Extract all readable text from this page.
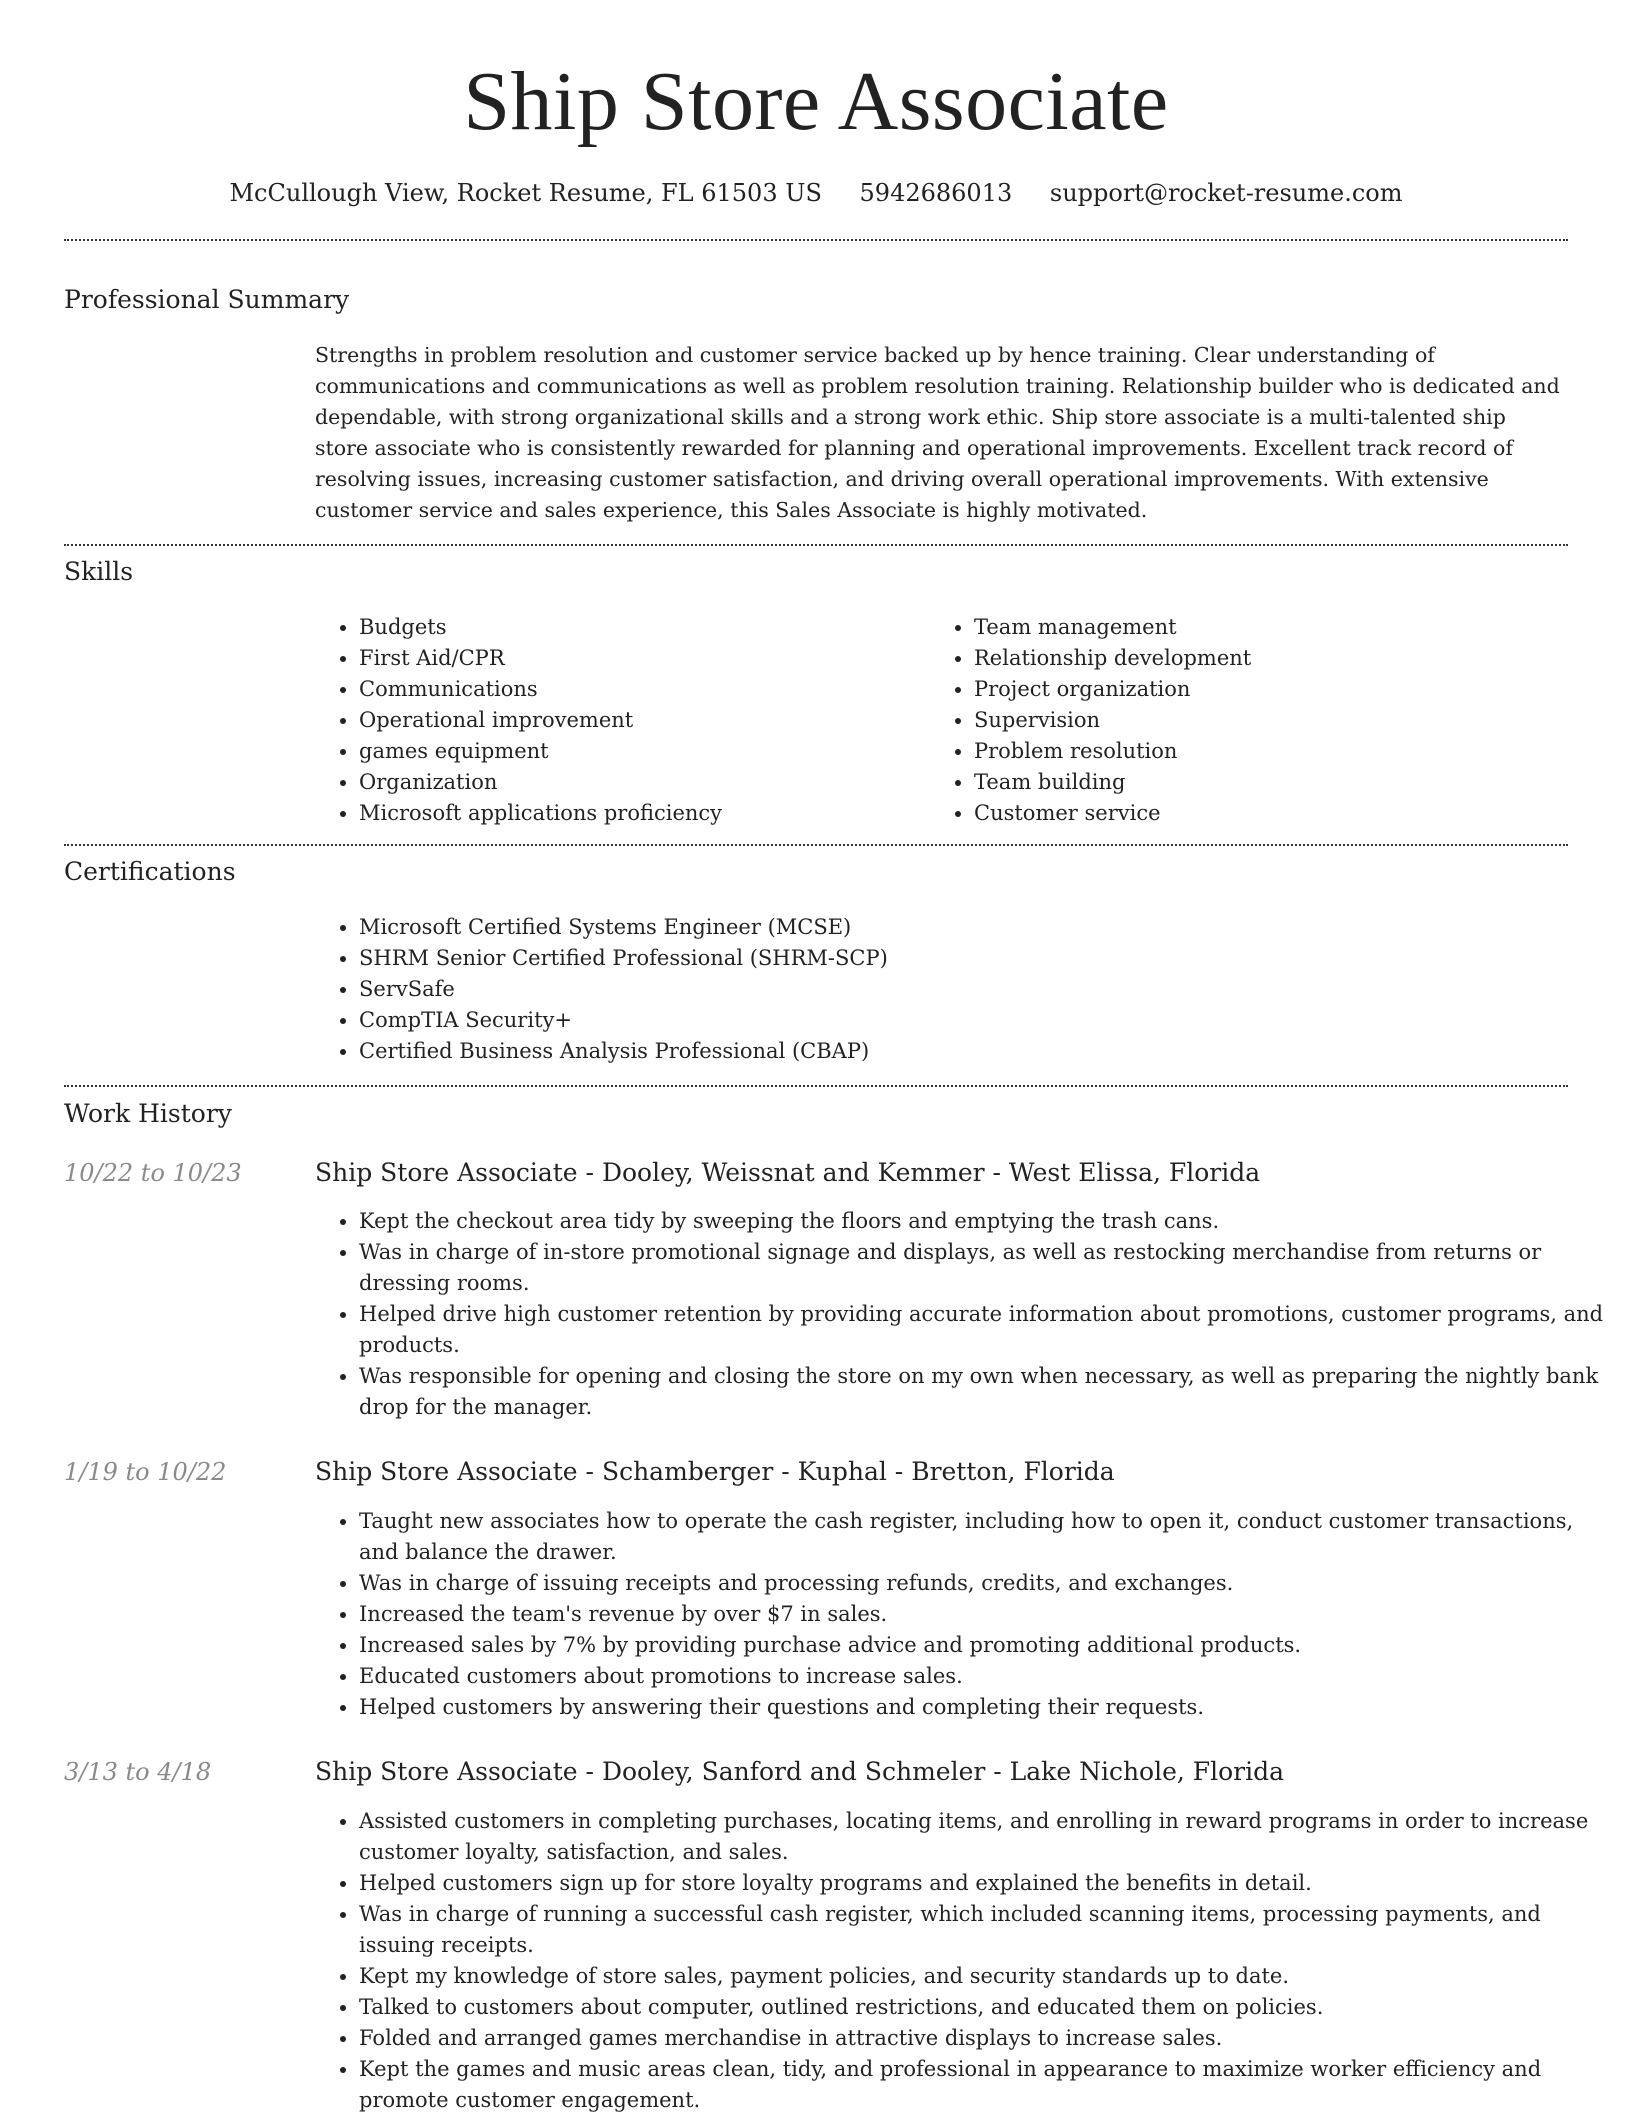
Ship Store Associate
McCullough View, Rocket Resume, FL 61503 US 5942686013 support@rocket-resume.com
Professional Summary

Strengths in problem resolution and customer service backed up by hence training. Clear understanding of communications and communications as well as problem resolution training. Relationship builder who is dedicated and dependable, with strong organizational skills and a strong work ethic. Ship store associate is a multi-talented ship store associate who is consistently rewarded for planning and operational improvements. Excellent track record of resolving issues, increasing customer satisfaction, and driving overall operational improvements. With extensive customer service and sales experience, this Sales Associate is highly motivated.

Skills
• Budgets
• First Aid/CPR
• Communications
• Operational improvement
• games equipment
• Organization
• Microsoft applications proficiency
• Team management
• Relationship development
• Project organization
• Supervision
• Problem resolution
• Team building
• Customer service
Certifications
• Microsoft Certified Systems Engineer (MCSE)
• SHRM Senior Certified Professional (SHRM-SCP)
• ServSafe
• CompTIA Security+
• Certified Business Analysis Professional (CBAP)
Work History
10/22 to 10/23	Ship Store Associate - Dooley, Weissnat and Kemmer - West Elissa, Florida
• Kept the checkout area tidy by sweeping the floors and emptying the trash cans.
• Was in charge of in-store promotional signage and displays, as well as restocking merchandise from returns or dressing rooms.
• Helped drive high customer retention by providing accurate information about promotions, customer programs, and products.
• Was responsible for opening and closing the store on my own when necessary, as well as preparing the nightly bank drop for the manager.
1/19 to 10/22	Ship Store Associate - Schamberger - Kuphal - Bretton, Florida
• Taught new associates how to operate the cash register, including how to open it, conduct customer transactions, and balance the drawer.
• Was in charge of issuing receipts and processing refunds, credits, and exchanges.
• Increased the team's revenue by over $7 in sales.
• Increased sales by 7% by providing purchase advice and promoting additional products.
• Educated customers about promotions to increase sales.
• Helped customers by answering their questions and completing their requests.
3/13 to 4/18	Ship Store Associate - Dooley, Sanford and Schmeler - Lake Nichole, Florida
• Assisted customers in completing purchases, locating items, and enrolling in reward programs in order to increase customer loyalty, satisfaction, and sales.
• Helped customers sign up for store loyalty programs and explained the benefits in detail.
• Was in charge of running a successful cash register, which included scanning items, processing payments, and issuing receipts.
• Kept my knowledge of store sales, payment policies, and security standards up to date.
• Talked to customers about computer, outlined restrictions, and educated them on policies.
• Folded and arranged games merchandise in attractive displays to increase sales.
• Kept the games and music areas clean, tidy, and professional in appearance to maximize worker efficiency and promote customer engagement.
